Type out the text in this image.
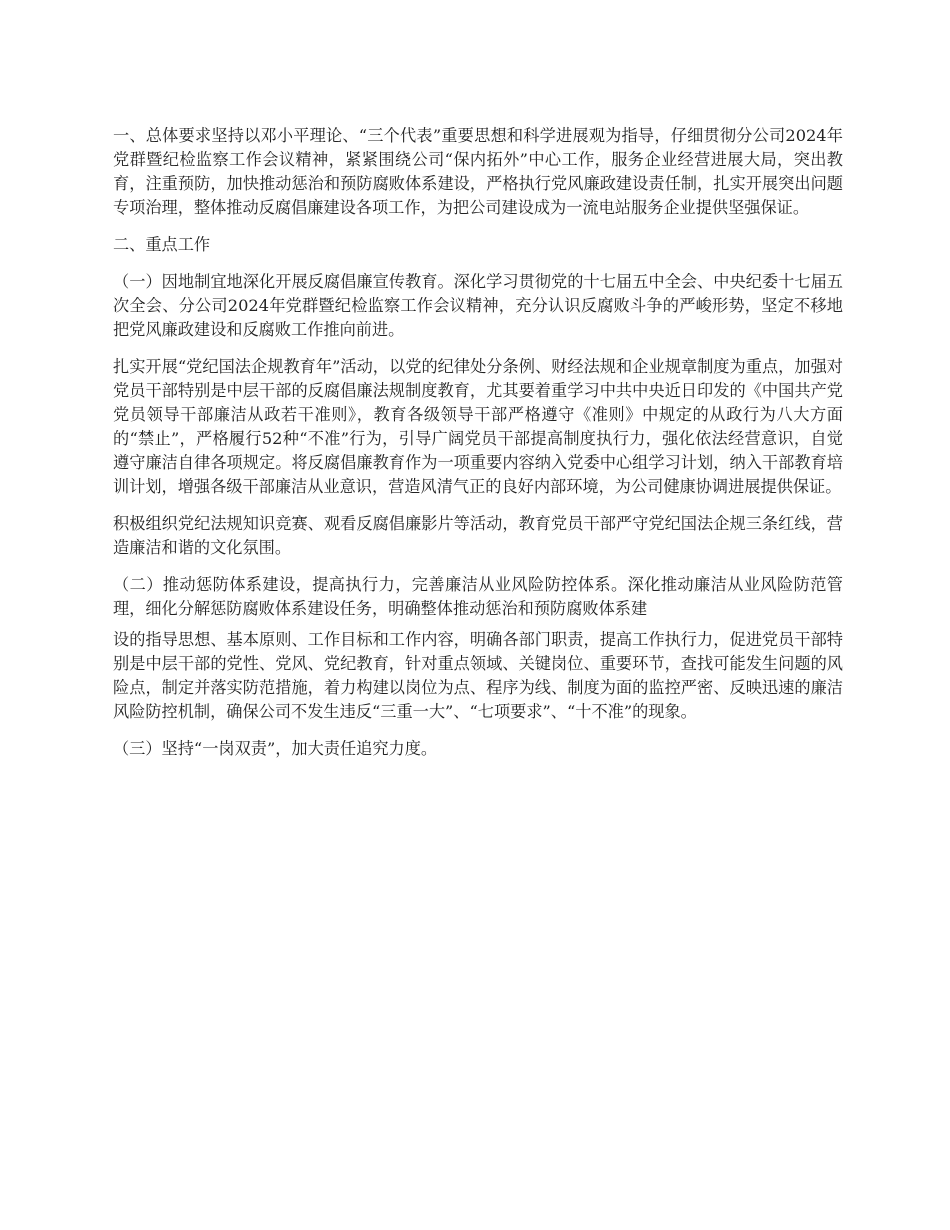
一、总体要求坚持以邓小平理论、“三个代表”重要思想和科学进展观为指导，仔细贯彻分公司2024年党群暨纪检监察工作会议精神，紧紧围绕公司“保内拓外”中心工作，服务企业经营进展大局，突出教育，注重预防，加快推动惩治和预防腐败体系建设，严格执行党风廉政建设责任制，扎实开展突出问题专项治理，整体推动反腐倡廉建设各项工作，为把公司建设成为一流电站服务企业提供坚强保证。

二、重点工作

（一）因地制宜地深化开展反腐倡廉宣传教育。深化学习贯彻党的十七届五中全会、中央纪委十七届五次全会、分公司2024年党群暨纪检监察工作会议精神，充分认识反腐败斗争的严峻形势，坚定不移地把党风廉政建设和反腐败工作推向前进。

扎实开展“党纪国法企规教育年”活动，以党的纪律处分条例、财经法规和企业规章制度为重点，加强对党员干部特别是中层干部的反腐倡廉法规制度教育，尤其要着重学习中共中央近日印发的《中国共产党党员领导干部廉洁从政若干准则》，教育各级领导干部严格遵守《准则》中规定的从政行为八大方面的“禁止”，严格履行52种“不准”行为，引导广阔党员干部提高制度执行力，强化依法经营意识，自觉遵守廉洁自律各项规定。将反腐倡廉教育作为一项重要内容纳入党委中心组学习计划，纳入干部教育培训计划，增强各级干部廉洁从业意识，营造风清气正的良好内部环境，为公司健康协调进展提供保证。

积极组织党纪法规知识竞赛、观看反腐倡廉影片等活动，教育党员干部严守党纪国法企规三条红线，营造廉洁和谐的文化氛围。

（二）推动惩防体系建设，提高执行力，完善廉洁从业风险防控体系。深化推动廉洁从业风险防范管理，细化分解惩防腐败体系建设任务，明确整体推动惩治和预防腐败体系建

设的指导思想、基本原则、工作目标和工作内容，明确各部门职责，提高工作执行力，促进党员干部特别是中层干部的党性、党风、党纪教育，针对重点领域、关键岗位、重要环节，查找可能发生问题的风险点，制定并落实防范措施，着力构建以岗位为点、程序为线、制度为面的监控严密、反映迅速的廉洁风险防控机制，确保公司不发生违反“三重一大”、“七项要求”、“十不准”的现象。

（三）坚持“一岗双责”，加大责任追究力度。
